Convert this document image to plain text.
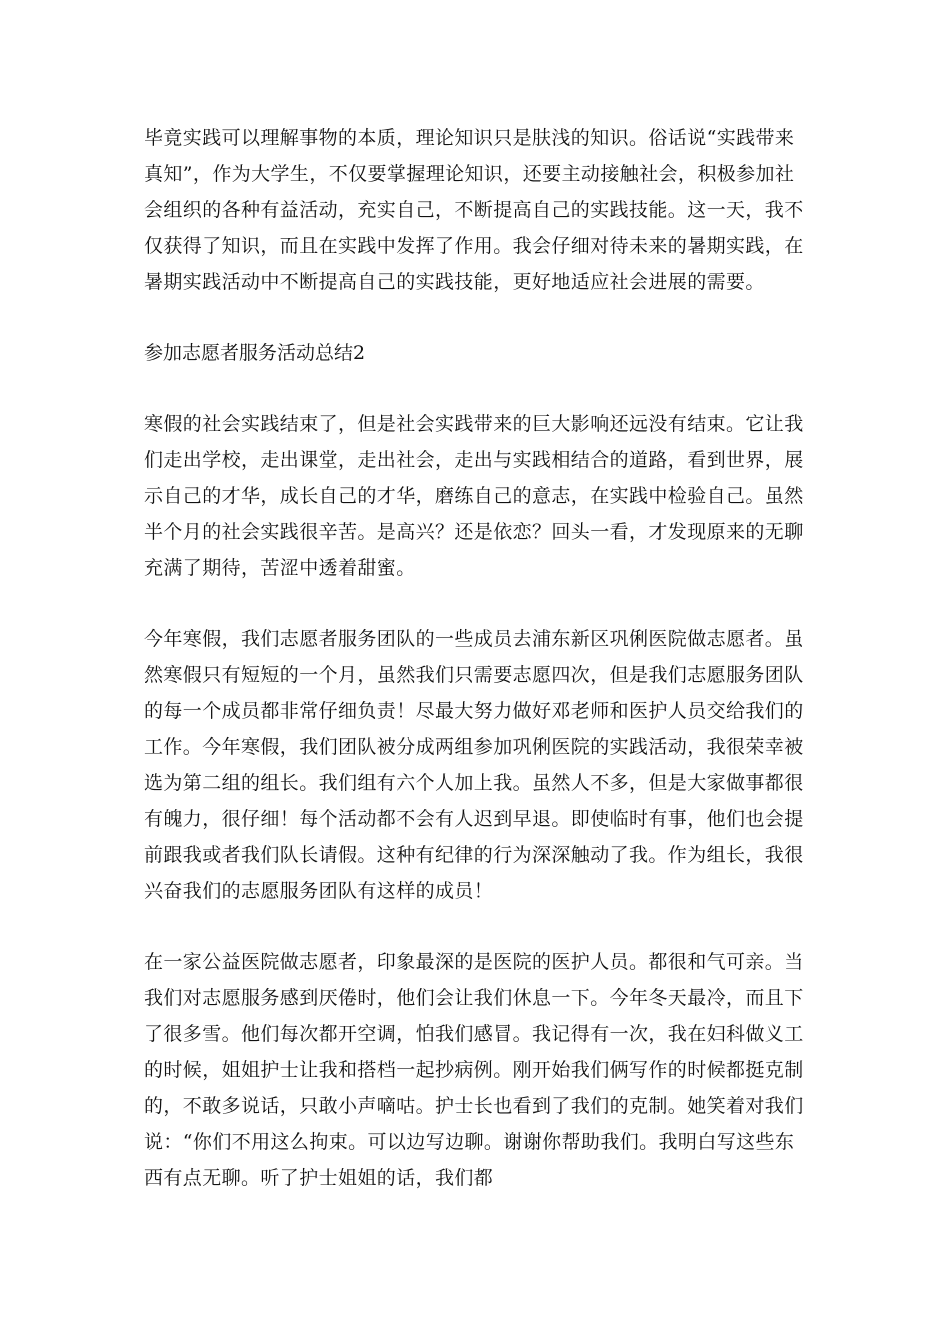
毕竟实践可以理解事物的本质，理论知识只是肤浅的知识。俗话说“实践带来
真知”，作为大学生，不仅要掌握理论知识，还要主动接触社会，积极参加社
会组织的各种有益活动，充实自己，不断提高自己的实践技能。这一天，我不
仅获得了知识，而且在实践中发挥了作用。我会仔细对待未来的暑期实践，在
暑期实践活动中不断提高自己的实践技能，更好地适应社会进展的需要。

参加志愿者服务活动总结2

寒假的社会实践结束了，但是社会实践带来的巨大影响还远没有结束。它让我
们走出学校，走出课堂，走出社会，走出与实践相结合的道路，看到世界，展
示自己的才华，成长自己的才华，磨练自己的意志，在实践中检验自己。虽然
半个月的社会实践很辛苦。是高兴？还是依恋？回头一看，才发现原来的无聊
充满了期待，苦涩中透着甜蜜。

今年寒假，我们志愿者服务团队的一些成员去浦东新区巩俐医院做志愿者。虽
然寒假只有短短的一个月，虽然我们只需要志愿四次，但是我们志愿服务团队
的每一个成员都非常仔细负责！尽最大努力做好邓老师和医护人员交给我们的
工作。今年寒假，我们团队被分成两组参加巩俐医院的实践活动，我很荣幸被
选为第二组的组长。我们组有六个人加上我。虽然人不多，但是大家做事都很
有魄力，很仔细！每个活动都不会有人迟到早退。即使临时有事，他们也会提
前跟我或者我们队长请假。这种有纪律的行为深深触动了我。作为组长，我很
兴奋我们的志愿服务团队有这样的成员！

在一家公益医院做志愿者，印象最深的是医院的医护人员。都很和气可亲。当
我们对志愿服务感到厌倦时，他们会让我们休息一下。今年冬天最冷，而且下
了很多雪。他们每次都开空调，怕我们感冒。我记得有一次，我在妇科做义工
的时候，姐姐护士让我和搭档一起抄病例。刚开始我们俩写作的时候都挺克制
的，不敢多说话，只敢小声嘀咕。护士长也看到了我们的克制。她笑着对我们
说：“你们不用这么拘束。可以边写边聊。谢谢你帮助我们。我明白写这些东
西有点无聊。听了护士姐姐的话，我们都
